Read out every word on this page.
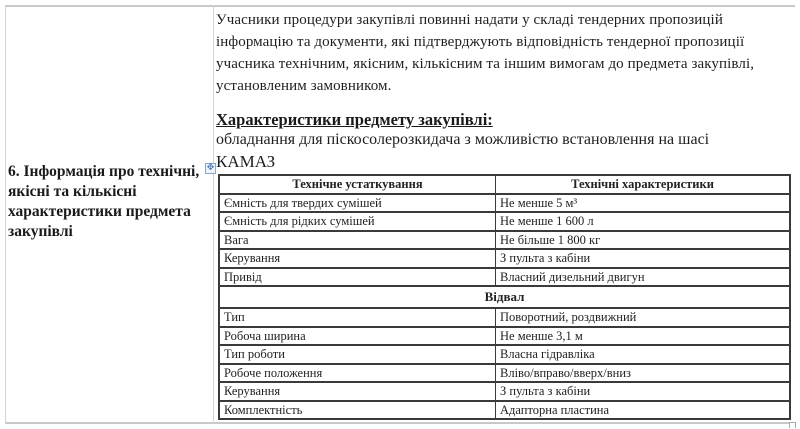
6. Інформація про технічні, якісні та кількісні характеристики предмета закупівлі

Учасники процедури закупівлі повинні надати у складі тендерних пропозицій інформацію та документи, які підтверджують відповідність тендерної пропозиції учасника технічним, якісним, кількісним та іншим вимогам до предмета закупівлі, установленим замовником.

Характеристики предмету закупівлі:
обладнання для піскосолерозкидача з можливістю встановлення на шасі
КАМАЗ
✥
Технічне устаткування	Технічні характеристики
Ємність для твердих сумішей	Не менше 5 м³
Ємність для рідких сумішей	Не менше 1 600 л
Вага	Не більше 1 800 кг
Керування	З пульта з кабіни
Привід	Власний дизельний двигун
Відвал	
Тип	Поворотний, роздвижний
Робоча ширина	Не менше 3,1 м
Тип роботи	Власна гідравліка
Робоче положення	Вліво/вправо/вверх/вниз
Керування	З пульта з кабіни
Комплектність	Адапторна пластина
